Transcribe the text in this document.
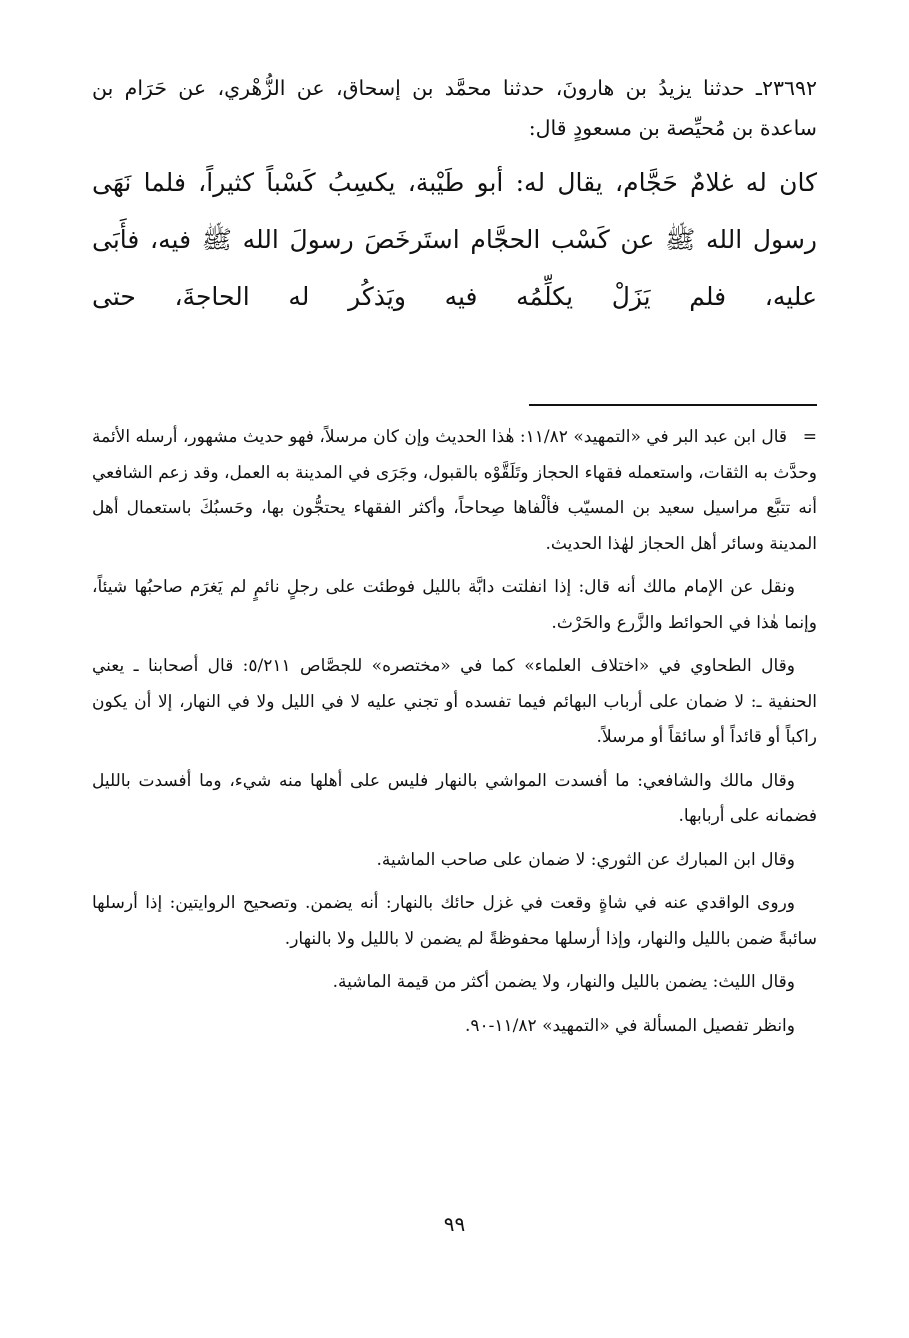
٢٣٦٩٢ـ حدثنا يزيدُ بن هارونَ، حدثنا محمَّد بن إسحاق، عن الزُّهْري، عن حَرَام بن ساعدة بن مُحيِّصة بن مسعودٍ قال:

كان له غلامٌ حَجَّام، يقال له: أبو طَيْبة، يكسِبُ كَسْباً كثيراً، فلما نَهَى رسول الله ﷺ عن كَسْب الحجَّام استَرخَصَ رسولَ الله ﷺ فيه، فأَبَى عليه، فلم يَزَلْ يكلِّمُه فيه ويَذكُر له الحاجةَ، حتى

=
قال ابن عبد البر في «التمهيد» ١١/٨٢: هٰذا الحديث وإن كان مرسلاً، فهو حديث مشهور، أرسله الأئمة وحدَّث به الثقات، واستعمله فقهاء الحجاز وتَلَقَّوْه بالقبول، وجَرَى في المدينة به العمل، وقد زعم الشافعي أنه تتبَّع مراسيل سعيد بن المسيّب فألْفاها صِحاحاً، وأكثر الفقهاء يحتجُّون بها، وحَسبُكَ باستعمال أهل المدينة وسائر أهل الحجاز لهٰذا الحديث.

ونقل عن الإمام مالك أنه قال: إذا انفلتت دابَّة بالليل فوطئت على رجلٍ نائمٍ لم يَغرَم صاحبُها شيئاً، وإنما هٰذا في الحوائط والزَّرع والحَرْث.

وقال الطحاوي في «اختلاف العلماء» كما في «مختصره» للجصَّاص ٥/٢١١: قال أصحابنا ـ يعني الحنفية ـ: لا ضمان على أرباب البهائم فيما تفسده أو تجني عليه لا في الليل ولا في النهار، إلا أن يكون راكباً أو قائداً أو سائقاً أو مرسلاً.

وقال مالك والشافعي: ما أفسدت المواشي بالنهار فليس على أهلها منه شيء، وما أفسدت بالليل فضمانه على أربابها.

وقال ابن المبارك عن الثوري: لا ضمان على صاحب الماشية.

وروى الواقدي عنه في شاةٍ وقعت في غزل حائك بالنهار: أنه يضمن. وتصحيح الروايتين: إذا أرسلها سائبةً ضمن بالليل والنهار، وإذا أرسلها محفوظةً لم يضمن لا بالليل ولا بالنهار.

وقال الليث: يضمن بالليل والنهار، ولا يضمن أكثر من قيمة الماشية.

وانظر تفصيل المسألة في «التمهيد» ١١/٨٢-٩٠.

٩٩
